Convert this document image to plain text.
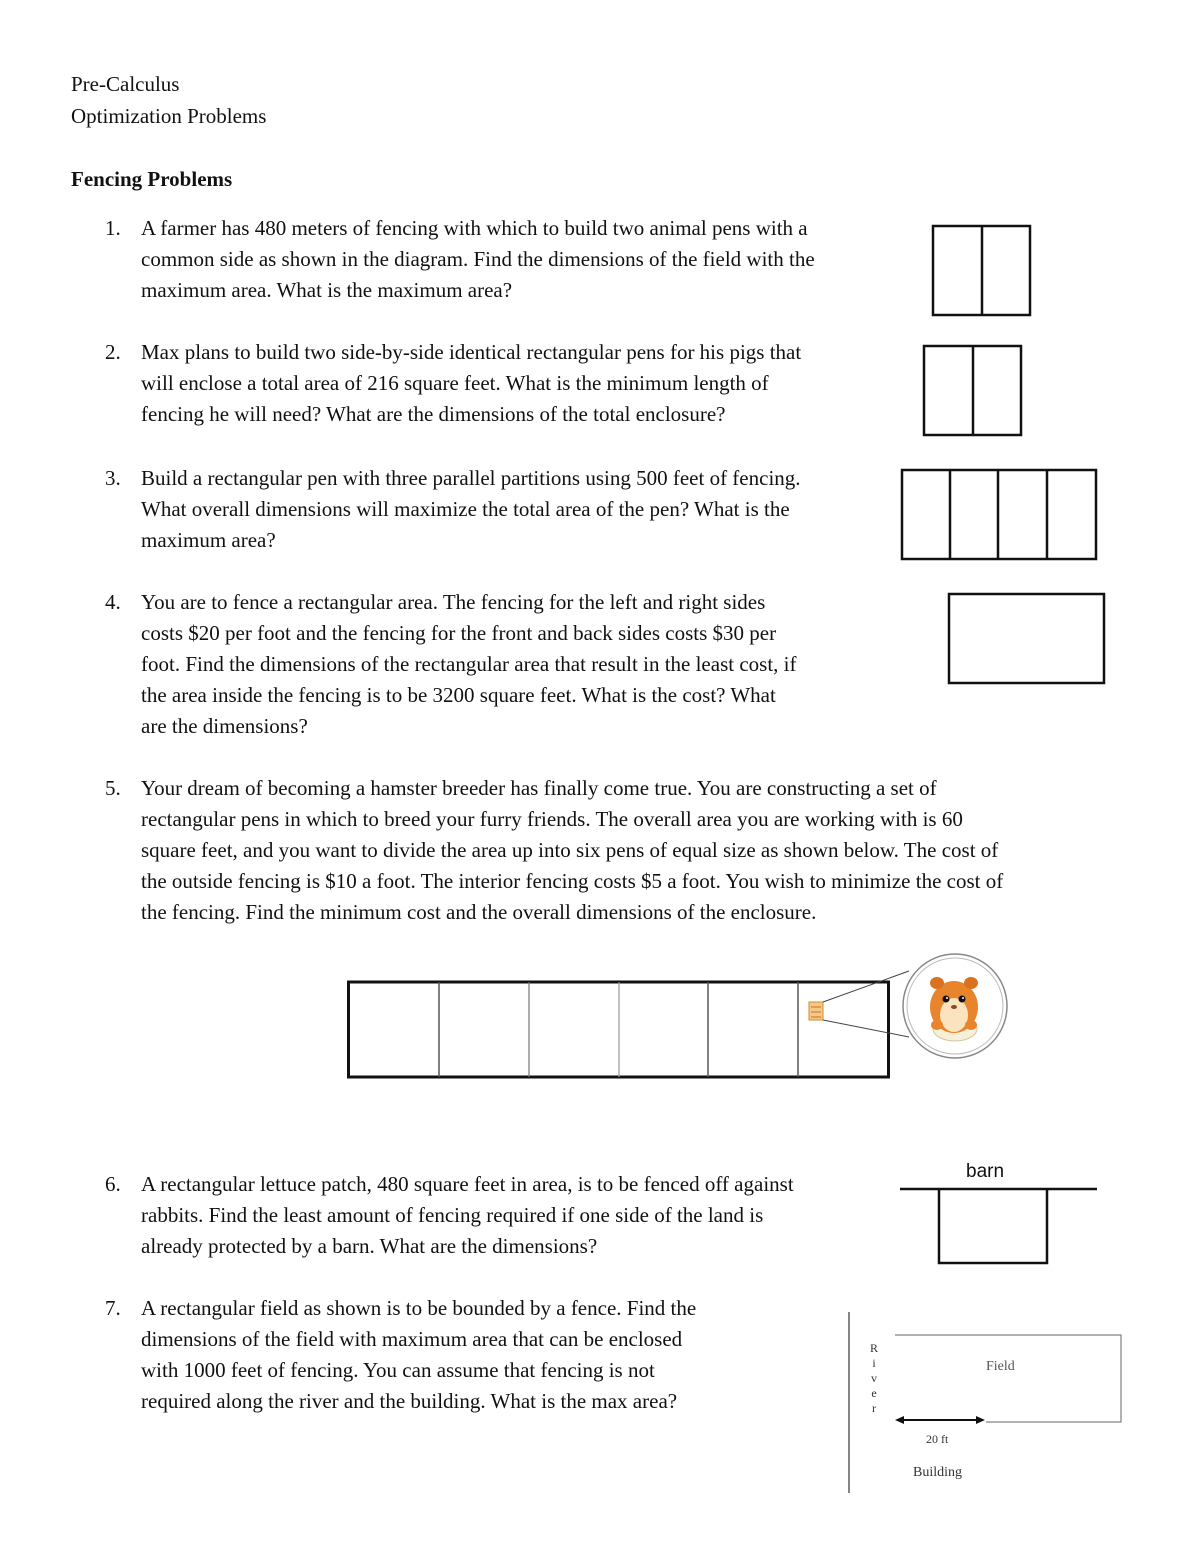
Pre-Calculus
Optimization Problems
Fencing Problems
1. A farmer has 480 meters of fencing with which to build two animal pens with a
common side as shown in the diagram. Find the dimensions of the field with the
maximum area. What is the maximum area?
2. Max plans to build two side-by-side identical rectangular pens for his pigs that
will enclose a total area of 216 square feet. What is the minimum length of
fencing he will need? What are the dimensions of the total enclosure?
3. Build a rectangular pen with three parallel partitions using 500 feet of fencing.
What overall dimensions will maximize the total area of the pen? What is the
maximum area?
4. You are to fence a rectangular area. The fencing for the left and right sides
costs $20 per foot and the fencing for the front and back sides costs $30 per
foot. Find the dimensions of the rectangular area that result in the least cost, if
the area inside the fencing is to be 3200 square feet. What is the cost? What
are the dimensions?
5. Your dream of becoming a hamster breeder has finally come true. You are constructing a set of
rectangular pens in which to breed your furry friends. The overall area you are working with is 60
square feet, and you want to divide the area up into six pens of equal size as shown below. The cost of
the outside fencing is $10 a foot. The interior fencing costs $5 a foot. You wish to minimize the cost of
the fencing. Find the minimum cost and the overall dimensions of the enclosure.
6. A rectangular lettuce patch, 480 square feet in area, is to be fenced off against
rabbits. Find the least amount of fencing required if one side of the land is
already protected by a barn. What are the dimensions?
barn
7. A rectangular field as shown is to be bounded by a fence. Find the
dimensions of the field with maximum area that can be enclosed
with 1000 feet of fencing. You can assume that fencing is not
required along the river and the building. What is the max area?
R
i
v
e
r
Field
20 ft
Building
